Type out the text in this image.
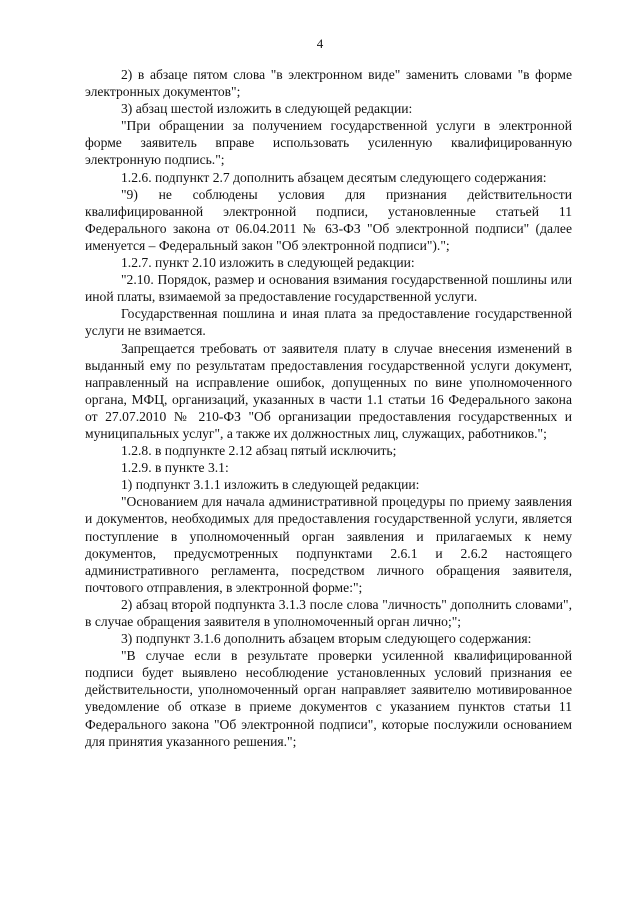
4

2) в абзаце пятом слова "в электронном виде" заменить словами "в форме электронных документов";

3) абзац шестой изложить в следующей редакции:

"При обращении за получением государственной услуги в электронной форме заявитель вправе использовать усиленную квалифицированную электронную подпись.";

1.2.6. подпункт 2.7 дополнить абзацем десятым следующего содержания:

"9) не соблюдены условия для признания действительности квалифицированной электронной подписи, установленные статьей 11 Федерального закона от 06.04.2011 № 63-ФЗ "Об электронной подписи" (далее именуется – Федеральный закон "Об электронной подписи").";

1.2.7. пункт 2.10 изложить в следующей редакции:

"2.10. Порядок, размер и основания взимания государственной пошлины или иной платы, взимаемой за предоставление государственной услуги.

Государственная пошлина и иная плата за предоставление государственной услуги не взимается.

Запрещается требовать от заявителя плату в случае внесения изменений в выданный ему по результатам предоставления государственной услуги документ, направленный на исправление ошибок, допущенных по вине уполномоченного органа, МФЦ, организаций, указанных в части 1.1 статьи 16 Федерального закона от 27.07.2010 № 210-ФЗ "Об организации предоставления государственных и муниципальных услуг", а также их должностных лиц, служащих, работников.";

1.2.8. в подпункте 2.12 абзац пятый исключить;

1.2.9. в пункте 3.1:

1) подпункт 3.1.1 изложить в следующей редакции:

"Основанием для начала административной процедуры по приему заявления и документов, необходимых для предоставления государственной услуги, является поступление в уполномоченный орган заявления и прилагаемых к нему документов, предусмотренных подпунктами 2.6.1 и 2.6.2 настоящего административного регламента, посредством личного обращения заявителя, почтового отправления, в электронной форме:";

2) абзац второй подпункта 3.1.3 после слова "личность" дополнить словами", в случае обращения заявителя в уполномоченный орган лично;";

3) подпункт 3.1.6 дополнить абзацем вторым следующего содержания:

"В случае если в результате проверки усиленной квалифицированной подписи будет выявлено несоблюдение установленных условий признания ее действительности, уполномоченный орган направляет заявителю мотивированное уведомление об отказе в приеме документов с указанием пунктов статьи 11 Федерального закона "Об электронной подписи", которые послужили основанием для принятия указанного решения.";
